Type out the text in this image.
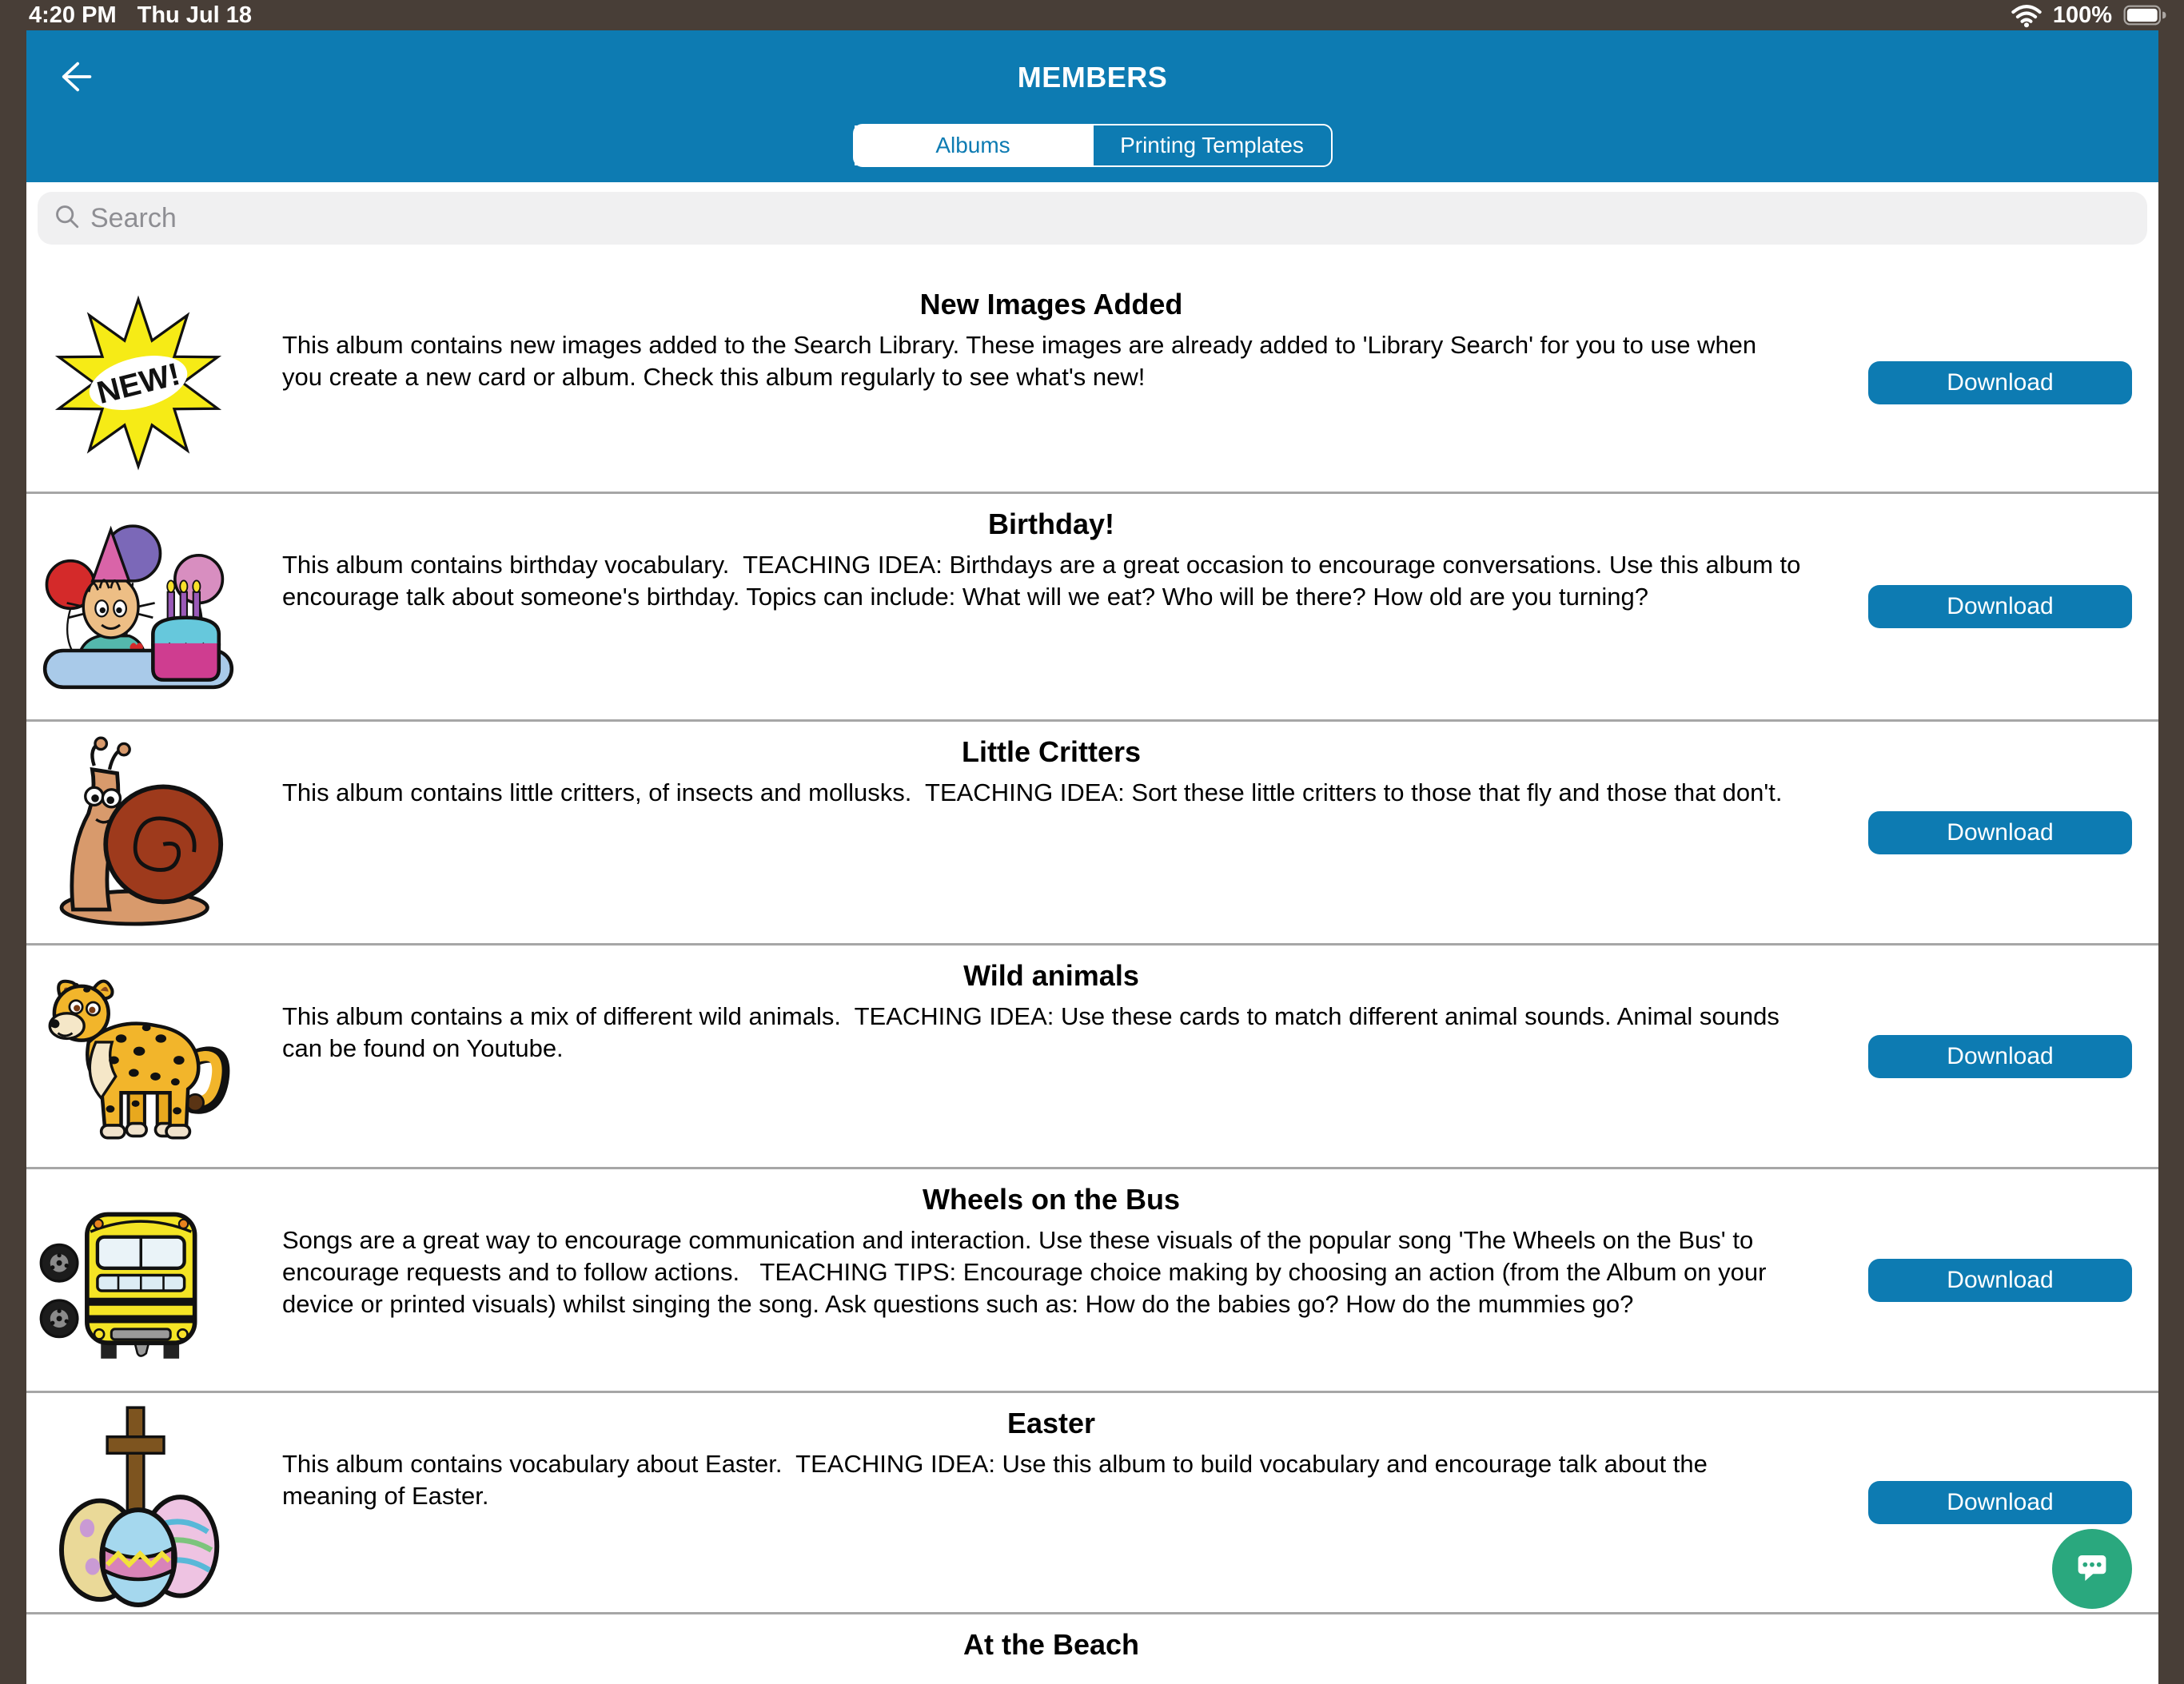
4:20 PM Thu Jul 18	100%
MEMBERS
Albums	Printing Templates
Search
NEW!
New Images Added
This album contains new images added to the Search Library. These images are already added to 'Library Search' for you to use when you create a new card or album. Check this album regularly to see what's new!	Download
Birthday!
This album contains birthday vocabulary.  TEACHING IDEA: Birthdays are a great occasion to encourage conversations. Use this album to encourage talk about someone's birthday. Topics can include: What will we eat? Who will be there? How old are you turning?	Download
Little Critters
This album contains little critters, of insects and mollusks.  TEACHING IDEA: Sort these little critters to those that fly and those that don't.
Download
Wild animals
This album contains a mix of different wild animals.  TEACHING IDEA: Use these cards to match different animal sounds. Animal sounds can be found on Youtube.	Download
Wheels on the Bus
Songs are a great way to encourage communication and interaction. Use these visuals of the popular song 'The Wheels on the Bus' to encourage requests and to follow actions.   TEACHING TIPS: Encourage choice making by choosing an action (from the Album on your device or printed visuals) whilst singing the song. Ask questions such as: How do the babies go? How do the mummies go?
Download
Easter
This album contains vocabulary about Easter.  TEACHING IDEA: Use this album to build vocabulary and encourage talk about the meaning of Easter.	Download
At the Beach
